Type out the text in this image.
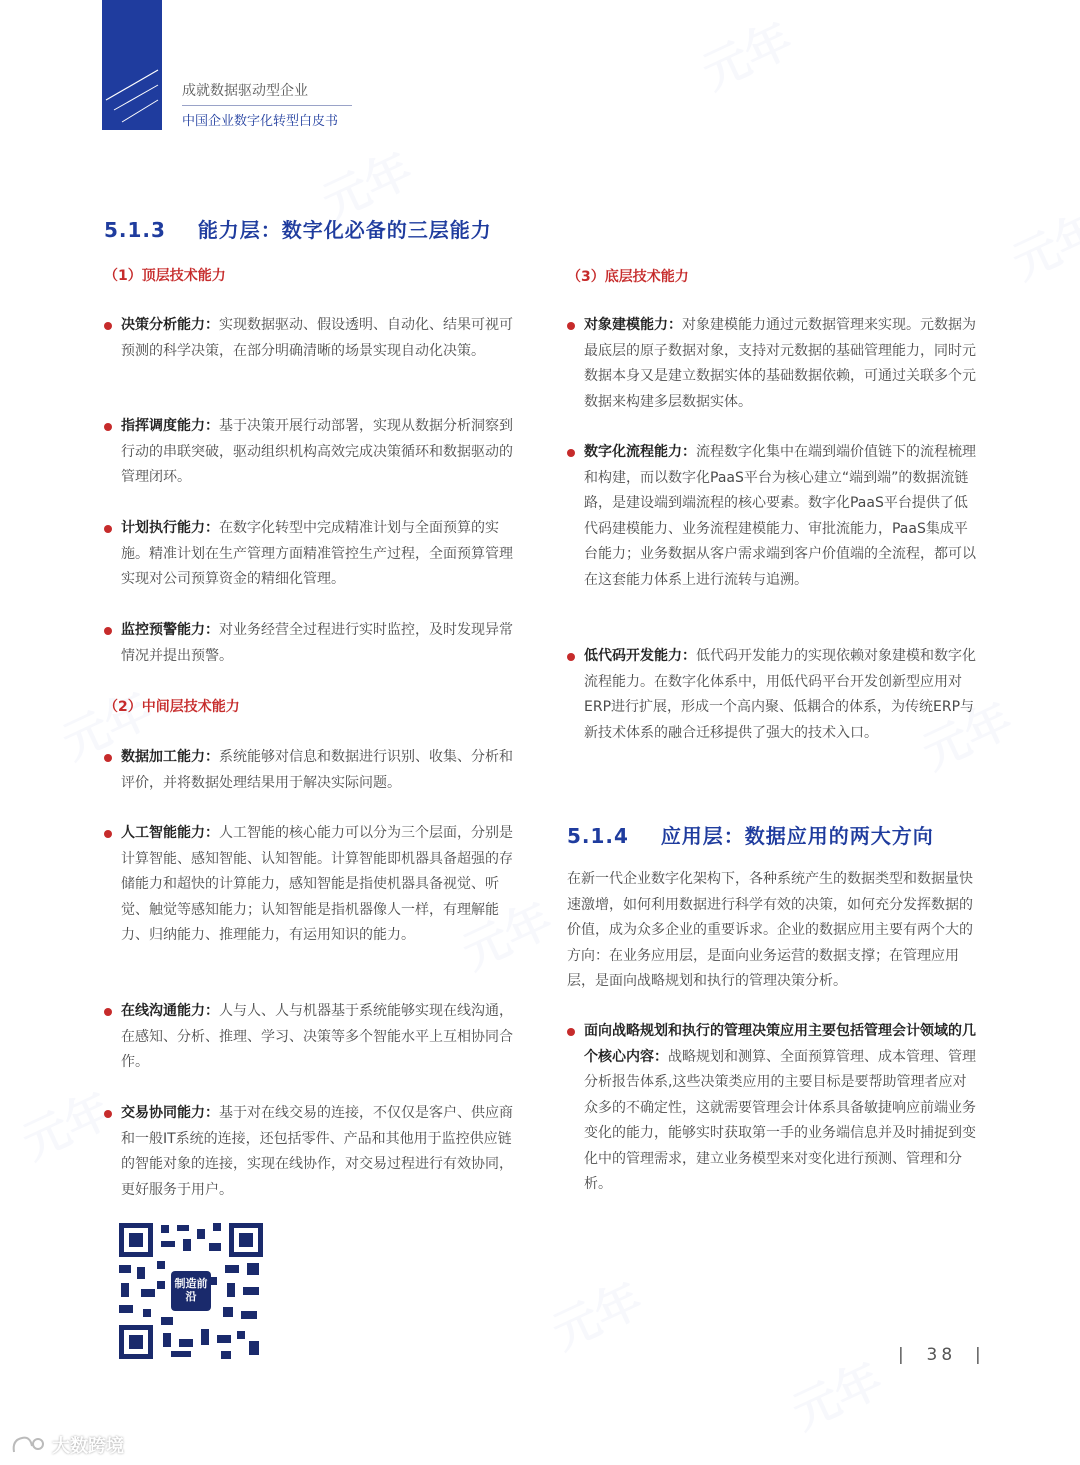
成就数据驱动型企业
中国企业数字化转型白皮书
5.1.3 能力层：数字化必备的三层能力
（1）顶层技术能力
决策分析能力：实现数据驱动、假设透明、自动化、结果可视可预测的科学决策，在部分明确清晰的场景实现自动化决策。
指挥调度能力：基于决策开展行动部署，实现从数据分析洞察到行动的串联突破，驱动组织机构高效完成决策循环和数据驱动的管理闭环。
计划执行能力：在数字化转型中完成精准计划与全面预算的实施。精准计划在生产管理方面精准管控生产过程，全面预算管理实现对公司预算资金的精细化管理。
监控预警能力：对业务经营全过程进行实时监控，及时发现异常情况并提出预警。
（2）中间层技术能力
数据加工能力：系统能够对信息和数据进行识别、收集、分析和评价，并将数据处理结果用于解决实际问题。
人工智能能力：人工智能的核心能力可以分为三个层面，分别是计算智能、感知智能、认知智能。计算智能即机器具备超强的存储能力和超快的计算能力，感知智能是指使机器具备视觉、听觉、触觉等感知能力；认知智能是指机器像人一样，有理解能力、归纳能力、推理能力，有运用知识的能力。
在线沟通能力：人与人、人与机器基于系统能够实现在线沟通，在感知、分析、推理、学习、决策等多个智能水平上互相协同合作。
交易协同能力：基于对在线交易的连接，不仅仅是客户、供应商和一般IT系统的连接，还包括零件、产品和其他用于监控供应链的智能对象的连接，实现在线协作，对交易过程进行有效协同，更好服务于用户。
（3）底层技术能力
对象建模能力：对象建模能力通过元数据管理来实现。元数据为最底层的原子数据对象，支持对元数据的基础管理能力，同时元数据本身又是建立数据实体的基础数据依赖，可通过关联多个元数据来构建多层数据实体。
数字化流程能力：流程数字化集中在端到端价值链下的流程梳理和构建，而以数字化PaaS平台为核心建立“端到端”的数据流链路，是建设端到端流程的核心要素。数字化PaaS平台提供了低代码建模能力、业务流程建模能力、审批流能力，PaaS集成平台能力；业务数据从客户需求端到客户价值端的全流程，都可以在这套能力体系上进行流转与追溯。
低代码开发能力：低代码开发能力的实现依赖对象建模和数字化流程能力。在数字化体系中，用低代码平台开发创新型应用对ERP进行扩展，形成一个高内聚、低耦合的体系，为传统ERP与新技术体系的融合迁移提供了强大的技术入口。
5.1.4 应用层：数据应用的两大方向
在新一代企业数字化架构下，各种系统产生的数据类型和数据量快速激增，如何利用数据进行科学有效的决策，如何充分发挥数据的价值，成为众多企业的重要诉求。企业的数据应用主要有两个大的方向：在业务应用层，是面向业务运营的数据支撑；在管理应用层，是面向战略规划和执行的管理决策分析。
面向战略规划和执行的管理决策应用主要包括管理会计领域的几个核心内容：战略规划和测算、全面预算管理、成本管理、管理分析报告体系,这些决策类应用的主要目标是要帮助管理者应对众多的不确定性，这就需要管理会计体系具备敏捷响应前端业务变化的能力，能够实时获取第一手的业务端信息并及时捕捉到变化中的管理需求，建立业务模型来对变化进行预测、管理和分析。
制造前沿
|  38  |
大数跨境
